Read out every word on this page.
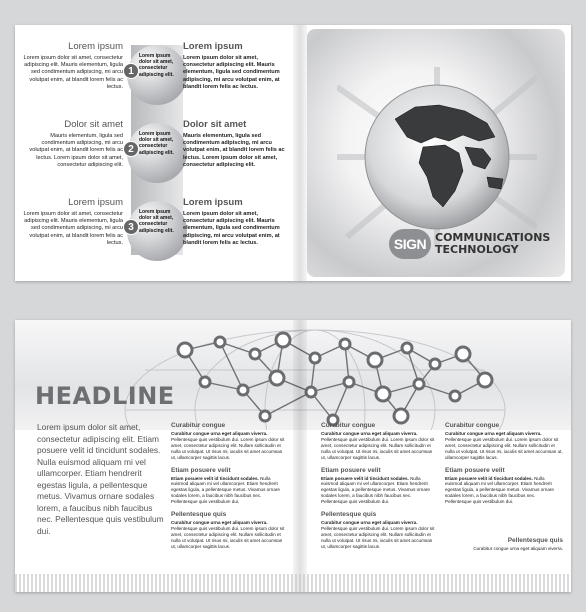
Lorem ipsum
Lorem ipsum dolor sit amet, consectetur adipiscing elit. Mauris elementum, ligula sed condimentum adipiscing, mi arcu volutpat enim, at blandit lorem felis ac lectus.
1
Lorem ipsum dolor sit amet, consectetur adipiscing elit.
Lorem ipsum
Lorem ipsum dolor sit amet, consectetur adipiscing elit. Mauris elementum, ligula sed condimentum adipiscing, mi arcu volutpat enim, at blandit lorem felis ac lectus.
Dolor sit amet
Mauris elementum, ligula sed condimentum adipiscing, mi arcu volutpat enim, at blandit lorem felis ac lectus. Lorem ipsum dolor sit amet, consectetur adipiscing elit.
2
Lorem ipsum dolor sit amet, consectetur adipiscing elit.
Dolor sit amet
Mauris elementum, ligula sed condimentum adipiscing, mi arcu volutpat enim, at blandit lorem felis ac lectus. Lorem ipsum dolor sit amet, consectetur adipiscing elit.
Lorem ipsum
Lorem ipsum dolor sit amet, consectetur adipiscing elit. Mauris elementum, ligula sed condimentum adipiscing, mi arcu volutpat enim, at blandit lorem felis ac lectus.
3
Lorem ipsum dolor sit amet, consectetur adipiscing elit.
Lorem ipsum
Lorem ipsum dolor sit amet, consectetur adipiscing elit. Mauris elementum, ligula sed condimentum adipiscing, mi arcu volutpat enim, at blandit lorem felis ac lectus.	SIGN COMMUNICATIONS
TECHNOLOGY
HEADLINE
Lorem ipsum dolor sit amet, consectetur adipiscing elit. Etiam posuere velit id tincidunt sodales. Nulla euismod aliquam mi vel ullamcorper. Etiam hendrerit egestas ligula, a pellentesque metus. Vivamus ornare sodales lorem, a faucibus nibh faucibus nec. Pellentesque quis vestibulum dui.
Curabitur congue
Curabitur congue urna eget aliquam viverra. Pellentesque quis vestibulum dui. Lorem ipsum dolor sit amet, consectetur adipiscing elit. Nullam sollicitudin et nulla ut volutpat. Ut risus mi, iaculis sit amet accumsan ut, ullamcorper sagittis lacus.
Etiam posuere velit
Etiam posuere velit id tincidunt sodales. Nulla euismod aliquam mi vel ullamcorper. Etiam hendrerit egestas ligula, a pellentesque metus. Vivamus ornare sodales lorem, a faucibus nibh faucibus nec. Pellentesque quis vestibulum dui.
Pellentesque quis
Curabitur congue urna eget aliquam viverra. Pellentesque quis vestibulum dui. Lorem ipsum dolor sit amet, consectetur adipiscing elit. Nullam sollicitudin et nulla ut volutpat. Ut risus mi, iaculis sit amet accumsan ut, ullamcorper sagittis lacus.
Curabitur congue
Curabitur congue urna eget aliquam viverra. Pellentesque quis vestibulum dui. Lorem ipsum dolor sit amet, consectetur adipiscing elit. Nullam sollicitudin et nulla ut volutpat. Ut risus mi, iaculis sit amet accumsan ut, ullamcorper sagittis lacus.
Etiam posuere velit
Etiam posuere velit id tincidunt sodales. Nulla euismod aliquam mi vel ullamcorper. Etiam hendrerit egestas ligula, a pellentesque metus. Vivamus ornare sodales lorem, a faucibus nibh faucibus nec. Pellentesque quis vestibulum dui.
Pellentesque quis
Curabitur congue urna eget aliquam viverra. Pellentesque quis vestibulum dui. Lorem ipsum dolor sit amet, consectetur adipiscing elit. Nullam sollicitudin et nulla ut volutpat. Ut risus mi, iaculis sit amet accumsan ut, ullamcorper sagittis lacus.
Curabitur congue
Curabitur congue urna eget aliquam viverra. Pellentesque quis vestibulum dui. Lorem ipsum dolor sit amet, consectetur adipiscing elit. Nullam sollicitudin et nulla ut volutpat. Ut risus mi, iaculis sit amet accumsan ut, ullamcorper sagittis lacus.
Etiam posuere velit
Etiam posuere velit id tincidunt sodales. Nulla euismod aliquam mi vel ullamcorper. Etiam hendrerit egestas ligula, a pellentesque metus. Vivamus ornare sodales lorem, a faucibus nibh faucibus nec. Pellentesque quis vestibulum dui.
Pellentesque quis
Curabitur congue urna eget aliquam viverra.
